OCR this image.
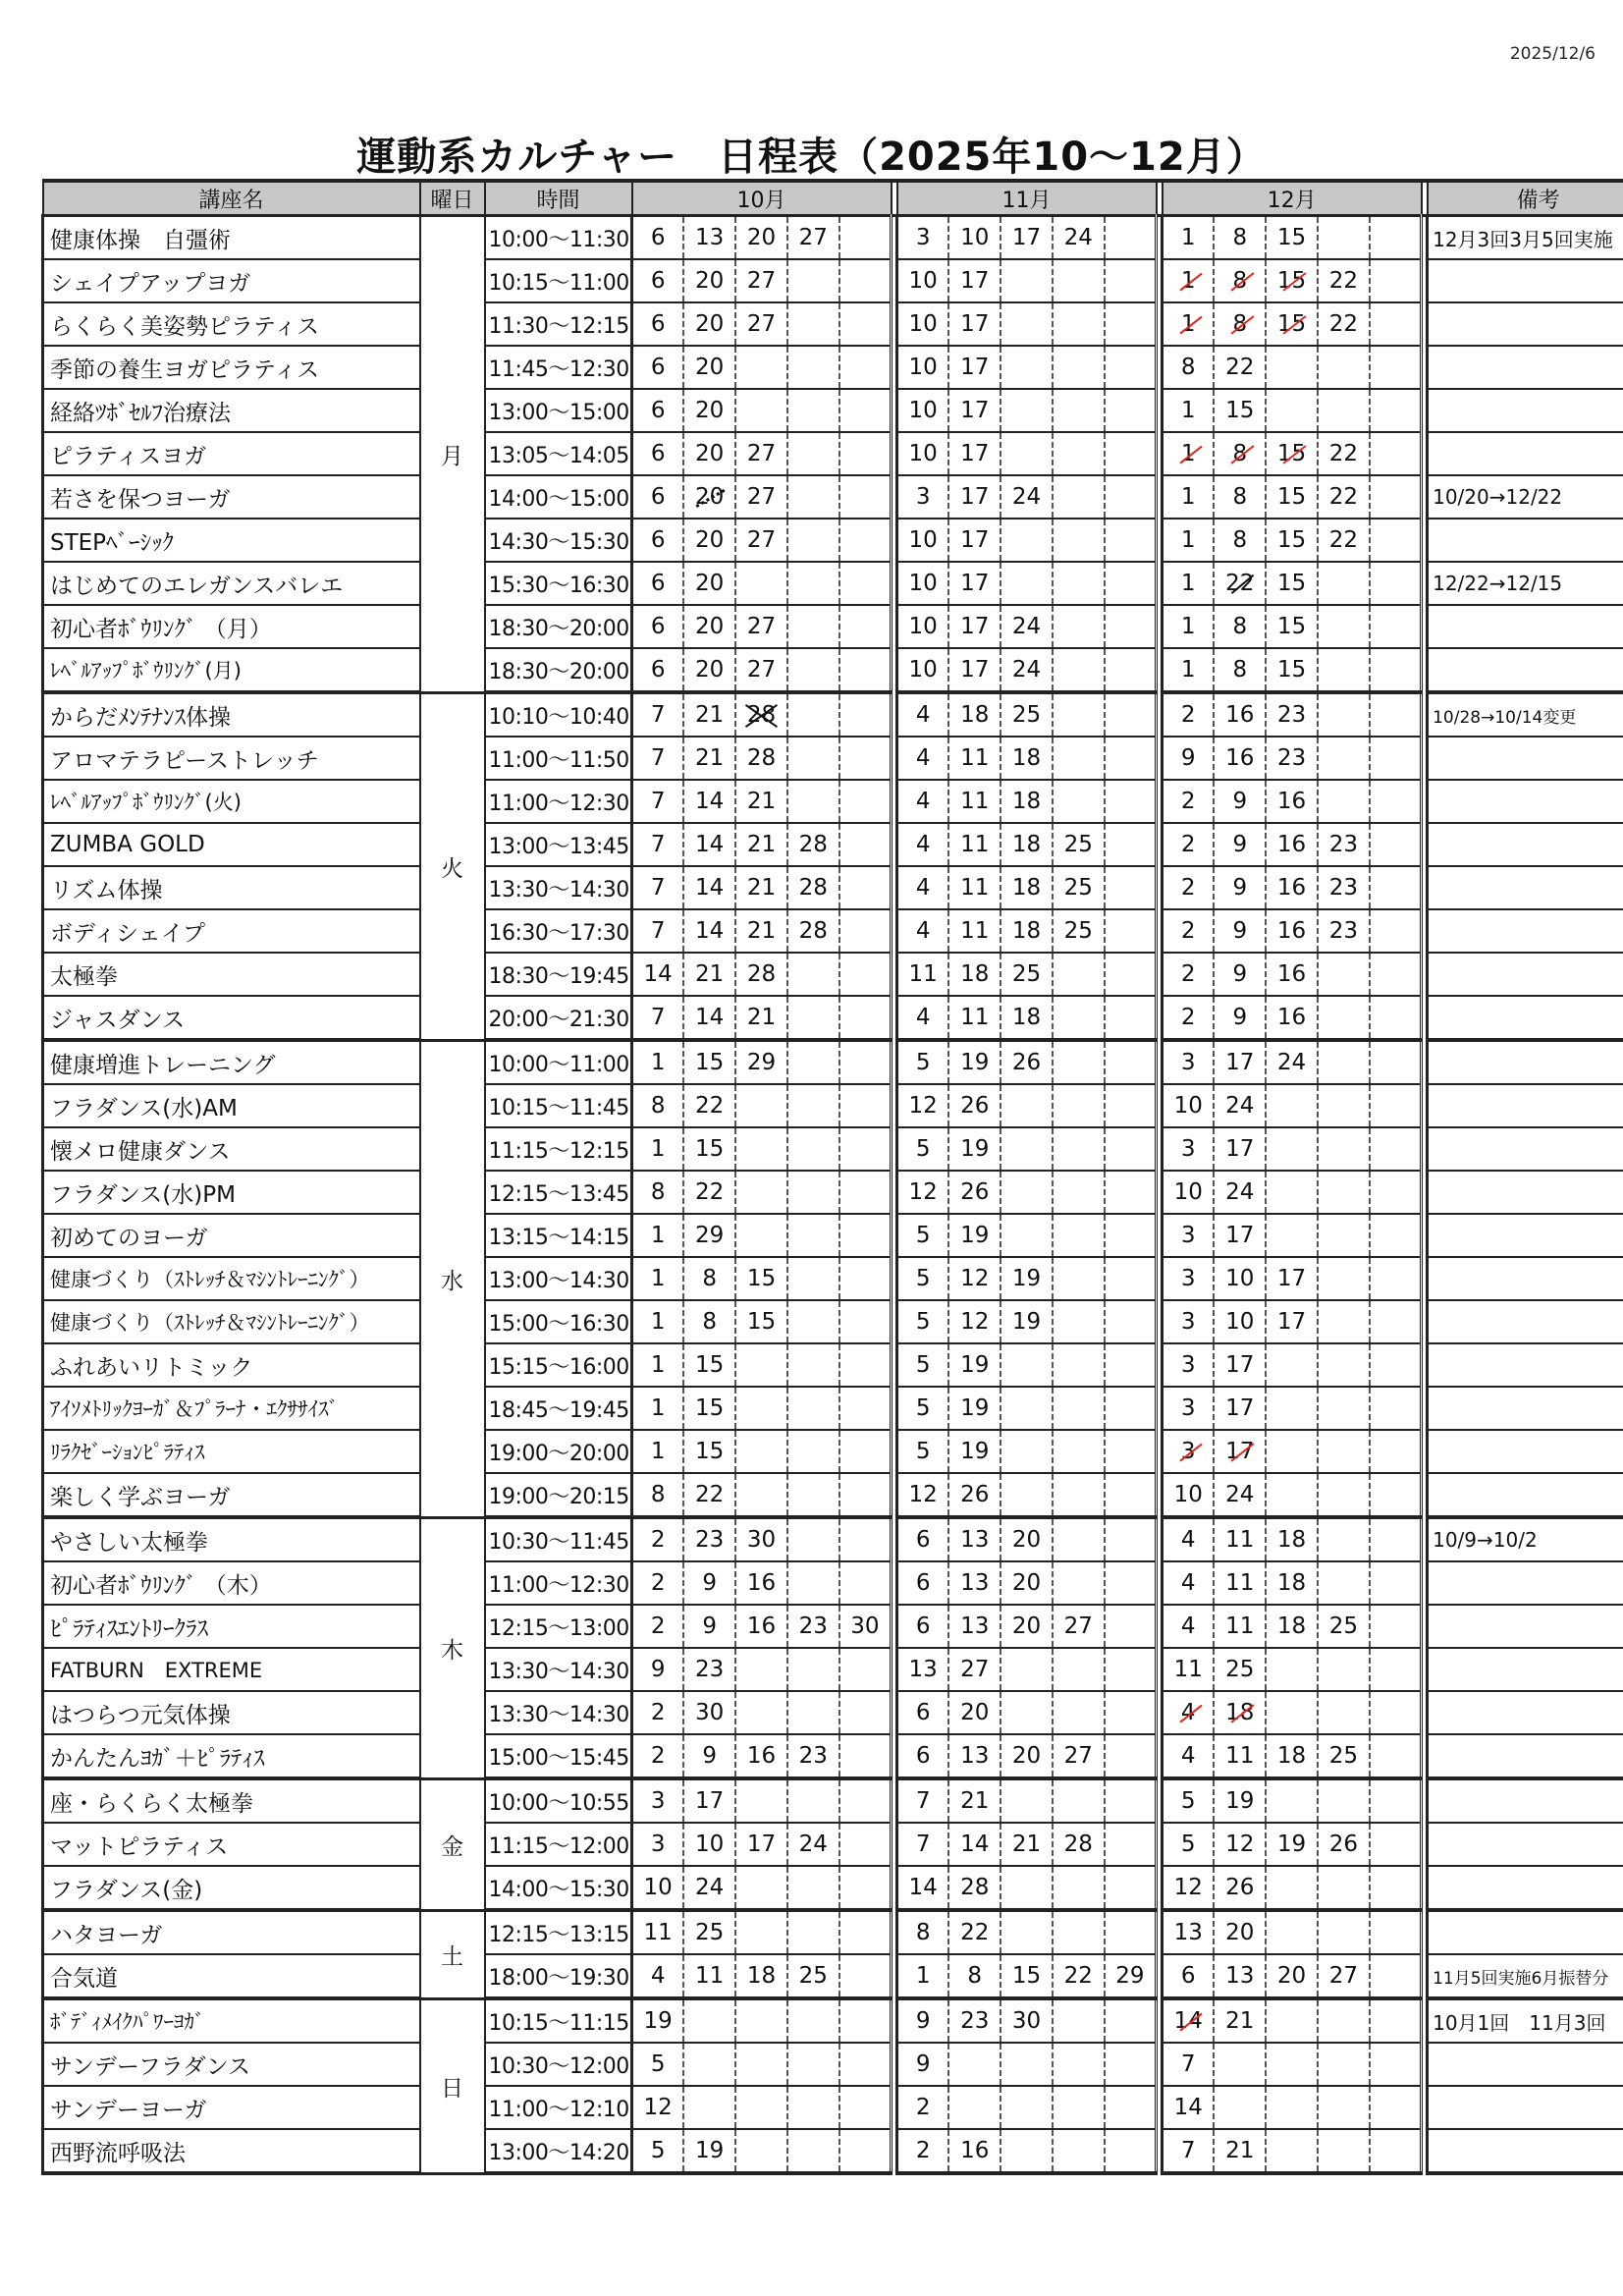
2025/12/6
運動系カルチャー　日程表（2025年10～12月）
講座名	曜日	時間	10月						11月						12月						備考
健康体操　自彊術	月	10:00～11:30	6	13	20	27			3	10	17	24			1	8	15				12月3回3月5回実施
シェイプアップヨガ		10:15～11:00	6	20	27				10	17					1	8	15	22			
らくらく美姿勢ピラティス		11:30～12:15	6	20	27				10	17					1	8	15	22			
季節の養生ヨガピラティス		11:45～12:30	6	20					10	17					8	22					
経絡ﾂﾎﾞｾﾙﾌ治療法		13:00～15:00	6	20					10	17					1	15					
ピラティスヨガ		13:05～14:05	6	20	27				10	17					1	8	15	22			
若さを保つヨーガ		14:00～15:00	6	20	27				3	17	24				1	8	15	22			10/20→12/22
STEPﾍﾞｰｼｯｸ		14:30～15:30	6	20	27				10	17					1	8	15	22			
はじめてのエレガンスバレエ		15:30～16:30	6	20					10	17					1	22	15				12/22→12/15
初心者ﾎﾞｳﾘﾝｸﾞ （月）		18:30～20:00	6	20	27				10	17	24				1	8	15				
ﾚﾍﾞﾙｱｯﾌﾟﾎﾞｳﾘﾝｸﾞ(月)		18:30～20:00	6	20	27				10	17	24				1	8	15				
からだﾒﾝﾃﾅﾝｽ体操	火	10:10～10:40	7	21	28				4	18	25				2	16	23				10/28→10/14変更
アロマテラピーストレッチ		11:00～11:50	7	21	28				4	11	18				9	16	23				
ﾚﾍﾞﾙｱｯﾌﾟﾎﾞｳﾘﾝｸﾞ(火)		11:00～12:30	7	14	21				4	11	18				2	9	16				
ZUMBA GOLD		13:00～13:45	7	14	21	28			4	11	18	25			2	9	16	23			
リズム体操		13:30～14:30	7	14	21	28			4	11	18	25			2	9	16	23			
ボディシェイプ		16:30～17:30	7	14	21	28			4	11	18	25			2	9	16	23			
太極拳		18:30～19:45	14	21	28				11	18	25				2	9	16				
ジャスダンス		20:00～21:30	7	14	21				4	11	18				2	9	16				
健康増進トレーニング	水	10:00～11:00	1	15	29				5	19	26				3	17	24				
フラダンス(水)AM		10:15～11:45	8	22					12	26					10	24					
懐メロ健康ダンス		11:15～12:15	1	15					5	19					3	17					
フラダンス(水)PM		12:15～13:45	8	22					12	26					10	24					
初めてのヨーガ		13:15～14:15	1	29					5	19					3	17					
健康づくり（ｽﾄﾚｯﾁ＆ﾏｼﾝﾄﾚｰﾆﾝｸﾞ）		13:00～14:30	1	8	15				5	12	19				3	10	17				
健康づくり（ｽﾄﾚｯﾁ＆ﾏｼﾝﾄﾚｰﾆﾝｸﾞ）		15:00～16:30	1	8	15				5	12	19				3	10	17				
ふれあいリトミック		15:15～16:00	1	15					5	19					3	17					
ｱｲｿﾒﾄﾘｯｸﾖｰｶﾞ＆ﾌﾟﾗｰﾅ・ｴｸｻｻｲｽﾞ		18:45～19:45	1	15					5	19					3	17					
ﾘﾗｸｾﾞｰｼｮﾝﾋﾟﾗﾃｨｽ		19:00～20:00	1	15					5	19					3	17					
楽しく学ぶヨーガ		19:00～20:15	8	22					12	26					10	24					
やさしい太極拳	木	10:30～11:45	2	23	30				6	13	20				4	11	18				10/9→10/2
初心者ﾎﾞｳﾘﾝｸﾞ （木）		11:00～12:30	2	9	16				6	13	20				4	11	18				
ﾋﾟﾗﾃｨｽｴﾝﾄﾘｰｸﾗｽ		12:15～13:00	2	9	16	23	30		6	13	20	27			4	11	18	25			
FATBURN　EXTREME		13:30～14:30	9	23					13	27					11	25					
はつらつ元気体操		13:30～14:30	2	30					6	20					4	18					
かんたんﾖｶﾞ＋ﾋﾟﾗﾃｨｽ		15:00～15:45	2	9	16	23			6	13	20	27			4	11	18	25			
座・らくらく太極拳	金	10:00～10:55	3	17					7	21					5	19					
マットピラティス		11:15～12:00	3	10	17	24			7	14	21	28			5	12	19	26			
フラダンス(金)		14:00～15:30	10	24					14	28					12	26					
ハタヨーガ	土	12:15～13:15	11	25					8	22					13	20					
合気道		18:00～19:30	4	11	18	25			1	8	15	22	29		6	13	20	27			11月5回実施6月振替分
ﾎﾞﾃﾞｨﾒｲｸﾊﾟﾜｰﾖｶﾞ	日	10:15～11:15	19						9	23	30				14	21					10月1回　11月3回
サンデーフラダンス		10:30～12:00	5						9						7						
サンデーヨーガ		11:00～12:10	12						2						14						
西野流呼吸法		13:00～14:20	5	19					2	16					7	21					
